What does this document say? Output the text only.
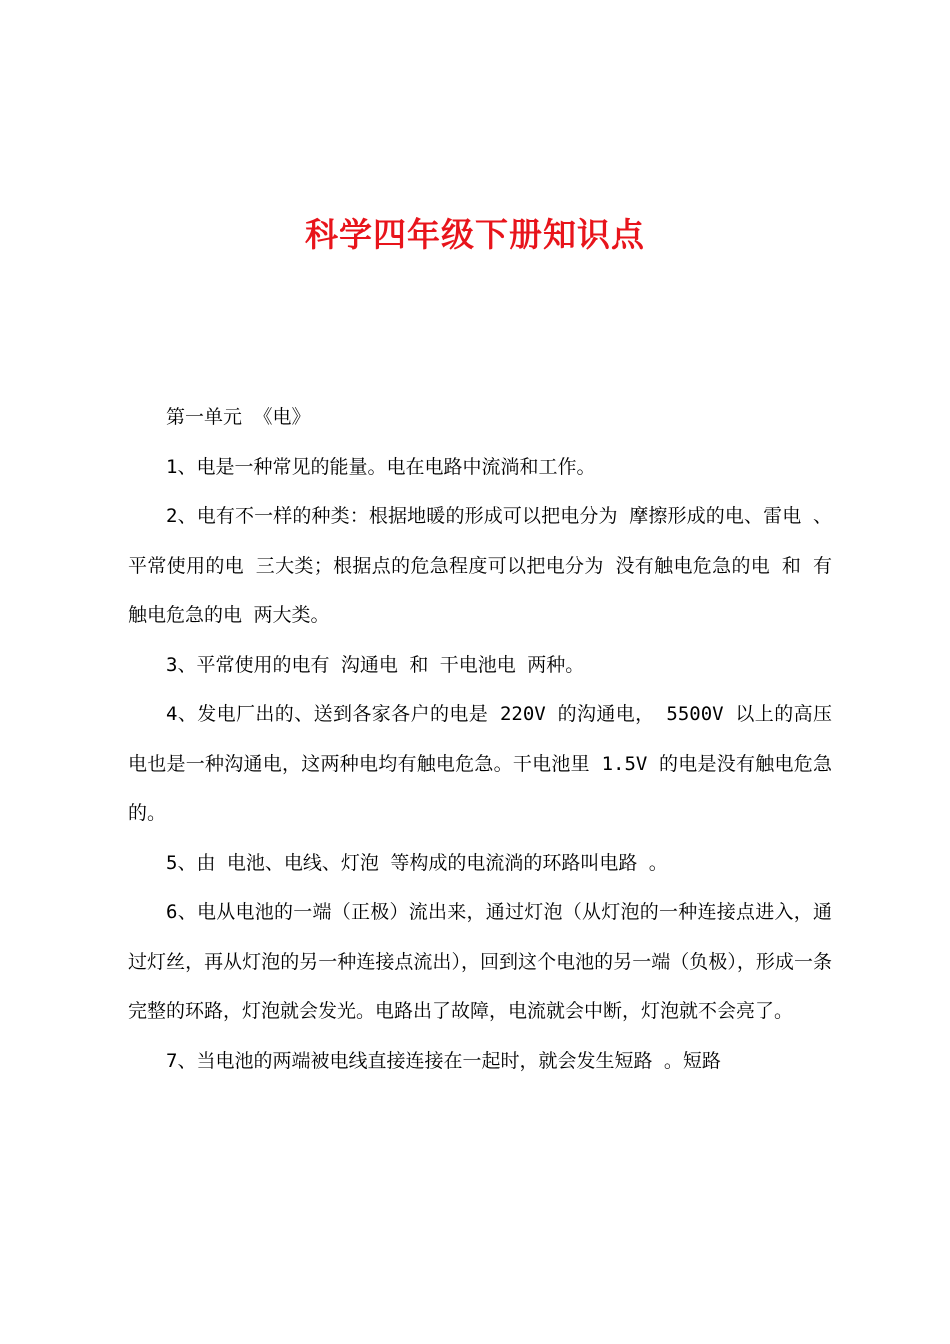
科学四年级下册知识点

第一单元 《电》

1、电是一种常见的能量。电在电路中流淌和工作。

2、电有不一样的种类：根据地暖的形成可以把电分为 摩擦形成的电、雷电 、平常使用的电 三大类；根据点的危急程度可以把电分为 没有触电危急的电 和 有触电危急的电 两大类。

3、平常使用的电有 沟通电 和 干电池电 两种。

4、发电厂出的、送到各家各户的电是 220V 的沟通电， 5500V 以上的高压电也是一种沟通电，这两种电均有触电危急。干电池里 1.5V 的电是没有触电危急的。

5、由 电池、电线、灯泡 等构成的电流淌的环路叫电路 。

6、电从电池的一端（正极）流出来，通过灯泡（从灯泡的一种连接点进入，通过灯丝，再从灯泡的另一种连接点流出），回到这个电池的另一端（负极），形成一条完整的环路，灯泡就会发光。电路出了故障，电流就会中断，灯泡就不会亮了。

7、当电池的两端被电线直接连接在一起时，就会发生短路 。短路
